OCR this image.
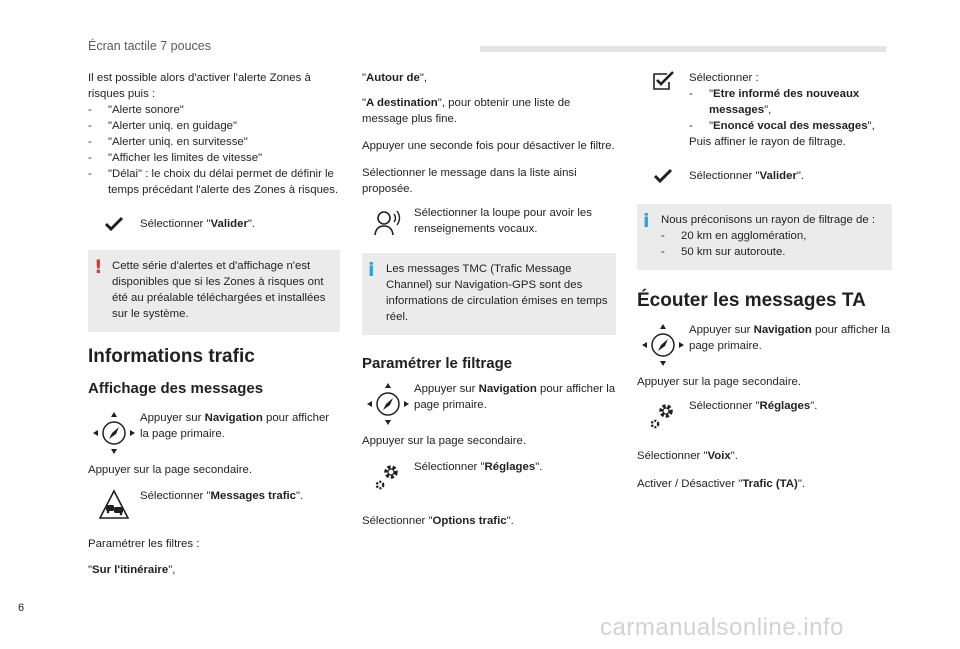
Écran tactile 7 pouces

Il est possible alors d'activer l'alerte Zones à risques puis :

- "Alerte sonore"
- "Alerter uniq. en guidage"
- "Alerter uniq. en survitesse"
- "Afficher les limites de vitesse"
- "Délai" : le choix du délai permet de définir le temps précédant l'alerte des Zones à risques.

Sélectionner "Valider".

! Cette série d'alertes et d'affichage n'est disponibles que si les Zones à risques ont été au préalable téléchargées et installées sur le système.

Informations trafic
Affichage des messages

Appuyer sur Navigation pour afficher la page primaire.

Appuyer sur la page secondaire.

Sélectionner "Messages trafic".

Paramétrer les filtres :

"Sur l'itinéraire",

"Autour de",

"A destination", pour obtenir une liste de message plus fine.

Appuyer une seconde fois pour désactiver le filtre.

Sélectionner le message dans la liste ainsi proposée.

Sélectionner la loupe pour avoir les renseignements vocaux.

i	Les messages TMC (Trafic Message Channel) sur Navigation-GPS sont des informations de circulation émises en temps réel.

Paramétrer le filtrage

Appuyer sur Navigation pour afficher la page primaire.

Appuyer sur la page secondaire.

Sélectionner "Réglages".

Sélectionner "Options trafic".

Sélectionner :

- "Etre informé des nouveaux messages",
- "Enoncé vocal des messages",

Puis affiner le rayon de filtrage.

Sélectionner "Valider".

i	Nous préconisons un rayon de filtrage de :

- 20 km en agglomération,
- 50 km sur autoroute.
Écouter les messages TA

Appuyer sur Navigation pour afficher la page primaire.

Appuyer sur la page secondaire.

Sélectionner "Réglages".

Sélectionner "Voix".

Activer / Désactiver "Trafic (TA)".

6
carmanualsonline.info
